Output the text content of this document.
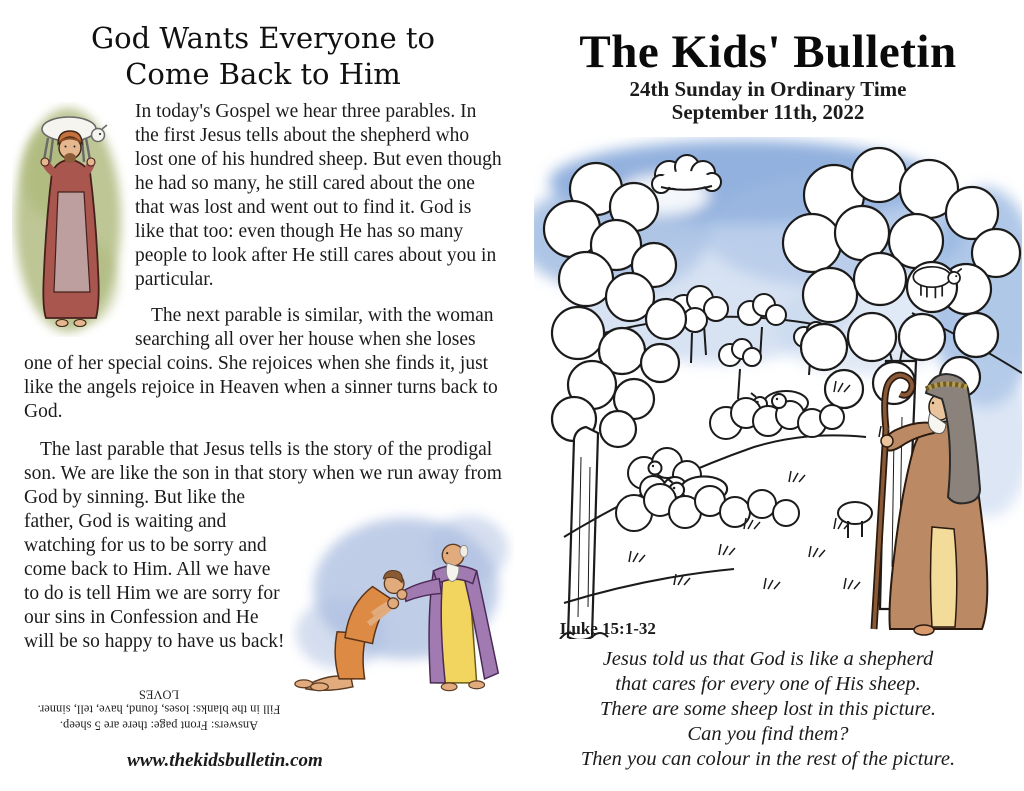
God Wants Everyone to
Come Back to Him

In today's Gospel we hear three parables. In the first Jesus tells about the shepherd who lost one of his hundred sheep. But even though he had so many, he still cared about the one that was lost and went out to find it. God is like that too: even though He has so many people to look after He still cares about you in particular.

The next parable is similar, with the woman searching all over her house when she loses one of her special coins. She rejoices when she finds it, just like the angels rejoice in Heaven when a sinner turns back to God.

The last parable that Jesus tells is the story of the prodigal son. We are like the son in that story when we run away from God by sinning. But like the father, God is waiting and watching for us to be sorry and come back to Him. All we have to do is tell Him we are sorry for our sins in Confession and He will be so happy to have us back!

Answers: Front page: there are 5 sheep.
Fill in the blanks: loses, found, have, tell, sinner.
LOVES
www.thekidsbulletin.com
The Kids' Bulletin
24th Sunday in Ordinary Time
September 11th, 2022
Luke 15:1-32
Jesus told us that God is like a shepherd
that cares for every one of His sheep.
There are some sheep lost in this picture.
Can you find them?
Then you can colour in the rest of the picture.
